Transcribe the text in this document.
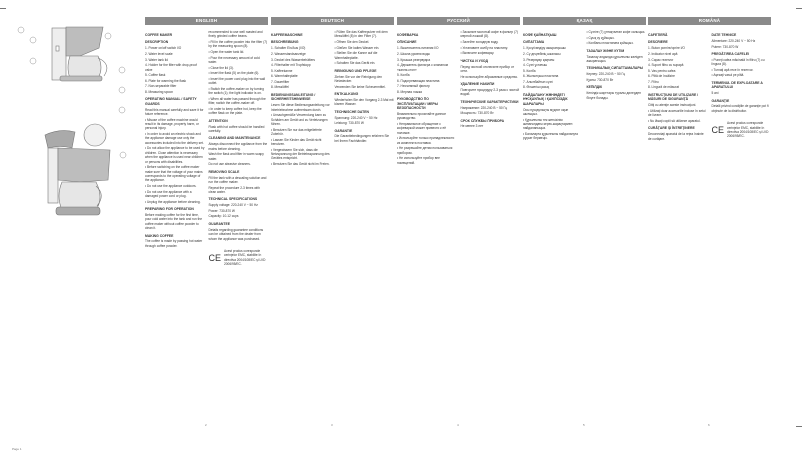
ENGLISH
COFFEE MAKER
DESCRIPTION

1. Power on/off switch I/O

2. Water level scale

3. Water tank lid

4. Holder for the filter with drop-proof valve

5. Coffee flask

6. Plate for warming the flask

7. Non-separable filter

8. Measuring spoon

OPERATING MANUAL / SAFETY GUARDS

Read this manual carefully and save it for future reference.

• Misuse of the coffee machine would result in its damage, property harm, or personal injury.

• In order to avoid an electric shock and the appliance damage use only the accessories included into the delivery set.

• Do not allow the appliance to be used by children. Close attention is necessary when the appliance is used near children or persons with disabilities.

• Before switching on the coffee maker make sure that the voltage of your mains corresponds to the operating voltage of the appliance.

• Do not use the appliance outdoors.

• Do not use the appliance with a damaged power cord or plug.

• Unplug the appliance before cleaning.

PREPARING FOR OPERATION

Before making coffee for the first time, pour cold water into the tank and run the coffee maker without coffee powder to clean it.

MAKING COFFEE

The coffee is made by passing hot water through coffee powder.

recommended to use well roasted and finely grinded coffee beans.

• Fill in the coffee powder into the filter (7) by the measuring spoon (8).

• Open the water tank lid.

• Pour the necessary amount of cold water.

• Close the lid (3).

• Insert the flask (5) on the plate (6).

• Insert the power cord plug into the wall outlet.

• Switch the coffee-maker on by turning the switch (1); the light indicator is on.

• When all water has passed through the filter, switch the coffee-maker off.

• In order to keep coffee hot, keep the coffee flask on the plate.

ATTENTION

Flask with hot coffee should be handled carefully.

CLEANING AND MAINTENANCE

Always disconnect the appliance from the mains before cleaning.

Wash the flask and filter in warm soapy water.

Do not use abrasive cleaners.

REMOVING SCALE

Fill the tank with a descaling solution and run the coffee maker.

Repeat the procedure 2-3 times with clean water.

TECHNICAL SPECIFICATIONS

Supply voltage: 220-240 V ~ 50 Hz

Power: 730-870 W

Capacity: 10-12 cups

GUARANTEE

Details regarding guarantee conditions can be obtained from the dealer from whom the appliance was purchased.

CE
Acest produs corespunde cerinţelor EMC, stabilite în directiva 2004/108/EC şi LVD 2006/95/EC.
2
DEUTSCH
KAFFEEMASCHINE
BESCHREIBUNG

1. Schalter Ein/Aus (I/O)

2. Wasserstandsanzeige

3. Deckel des Wasserbehälters

4. Filterhalter mit Tropfstopp

5. Kaffeekanne

6. Warmhalteplatte

7. Dauerfilter

8. Messlöffel

BEDIENUNGSANLEITUNG / SICHERHEITSHINWEISE

Lesen Sie diese Bedienungsanleitung vor Inbetriebnahme aufmerksam durch.

• Unsachgemäße Verwendung kann zu Schäden am Gerät und zu Verletzungen führen.

• Benutzen Sie nur das mitgelieferte Zubehör.

• Lassen Sie Kinder das Gerät nicht benutzen.

• Vergewissern Sie sich, dass die Netzspannung der Betriebsspannung des Gerätes entspricht.

• Benutzen Sie das Gerät nicht im Freien.

• Füllen Sie das Kaffeepulver mit dem Messlöffel (8) in den Filter (7).

• Öffnen Sie den Deckel.

• Gießen Sie kaltes Wasser ein.

• Stellen Sie die Kanne auf die Warmhalteplatte.

• Schalten Sie das Gerät ein.

REINIGUNG UND PFLEGE

Ziehen Sie vor der Reinigung den Netzstecker.

Verwenden Sie keine Scheuermittel.

ENTKALKUNG

Wiederholen Sie den Vorgang 2-3 Mal mit klarem Wasser.

TECHNISCHE DATEN

Spannung: 220-240 V ~ 50 Hz

Leistung: 730-870 W

GARANTIE

Die Garantiebedingungen erfahren Sie bei Ihrem Fachhändler.

3
РУССКИЙ
КОФЕВАРКА
ОПИСАНИЕ

1. Выключатель питания I/O

2. Шкала уровня воды

3. Крышка резервуара

4. Держатель фильтра с клапаном «капля-стоп»

5. Колба

6. Подогревающая пластина

7. Несъемный фильтр

8. Мерная ложка

РУКОВОДСТВО ПО ЭКСПЛУАТАЦИИ / МЕРЫ БЕЗОПАСНОСТИ

Внимательно прочитайте данное руководство.

• Неправильное обращение с кофеваркой может привести к её поломке.

• Используйте только принадлежности из комплекта поставки.

• Не разрешайте детям пользоваться прибором.

• Не используйте прибор вне помещений.

• Засыпьте молотый кофе в фильтр (7) мерной ложкой (8).

• Залейте холодную воду.

• Установите колбу на пластину.

• Включите кофеварку.

ЧИСТКА И УХОД

Перед чисткой отключите прибор от сети.

Не используйте абразивные средства.

УДАЛЕНИЕ НАКИПИ

Повторите процедуру 2-3 раза с чистой водой.

ТЕХНИЧЕСКИЕ ХАРАКТЕРИСТИКИ

Напряжение: 220-240 В ~ 50 Гц

Мощность: 730-870 Вт

СРОК СЛУЖБЫ ПРИБОРА

Не менее 3 лет

4
ҚАЗАҚ
КОФЕ ҚАЙНАТҚЫШ
СИПАТТАМА

1. Қосу/сөндіру ажыратқышы

2. Су деңгейінің шкаласы

3. Резервуар қақпағы

4. Сүзгі ұстағыш

5. Колба

6. Жылытқыш пластина

7. Алынбайтын сүзгі

8. Өлшегіш қасық

ПАЙДАЛАНУ ЖӨНІНДЕГІ НҰСҚАУЛЫҚ / ҚАУІПСІЗДІК ШАРАЛАРЫ

Осы нұсқаулықты мұқият оқып шығыңыз.

• Құрылғыны тек жеткізілім жинағындағы керек-жарақтармен пайдаланыңыз.

• Балаларға құрылғыны пайдалануға рұқсат бермеңіз.

• Сүзгіге (7) ұнтақталған кофе салыңыз.

• Суық су құйыңыз.

• Колбаны пластинаға қойыңыз.

ТАЗАЛАУ ЖӘНЕ КҮТІМ

Тазалау алдында құрылғыны желіден ажыратыңыз.

ТЕХНИКАЛЫҚ СИПАТТАМАЛАРЫ

Кернеу: 220-240 В ~ 50 Гц

Қуаты: 730-870 Вт

КЕПІЛДІК

Кепілдік шарттары туралы дилерден білуге болады.

5
ROMÂNĂ
CAFETIERĂ
DESCRIERE

1. Buton pornire/oprire I/O

2. Indicator nivel apă

3. Capac rezervor

4. Suport filtru cu supapă

5. Vas pentru cafea

6. Plită de încălzire

7. Filtru

8. Lingură de măsurat

INSTRUCŢIUNI DE UTILIZARE / MĂSURI DE SIGURANŢĂ

Citiţi cu atenţie aceste instrucţiuni.

• Utilizaţi doar accesoriile incluse în setul de livrare.

• Nu lăsaţi copiii să utilizeze aparatul.

CURĂŢARE ŞI ÎNTREŢINERE

Deconectaţi aparatul de la reţea înainte de curăţare.

DATE TEHNICE

Alimentare: 220-240 V ~ 50 Hz

Putere: 730-870 W

PREGĂTIREA CAFELEI

• Puneţi cafea măcinată în filtru (7) cu lingura (8).

• Turnaţi apă rece în rezervor.

• Aşezaţi vasul pe plită.

TERMENUL DE EXPLOATARE A APARATULUI

5 ani

GARANŢIE

Detalii privind condiţiile de garanţie pot fi obţinute de la distribuitor.

CE
Acest produs corespunde cerinţelor EMC, stabilite în directiva 2004/108/EC şi LVD 2006/95/EC.
6
Page 1
